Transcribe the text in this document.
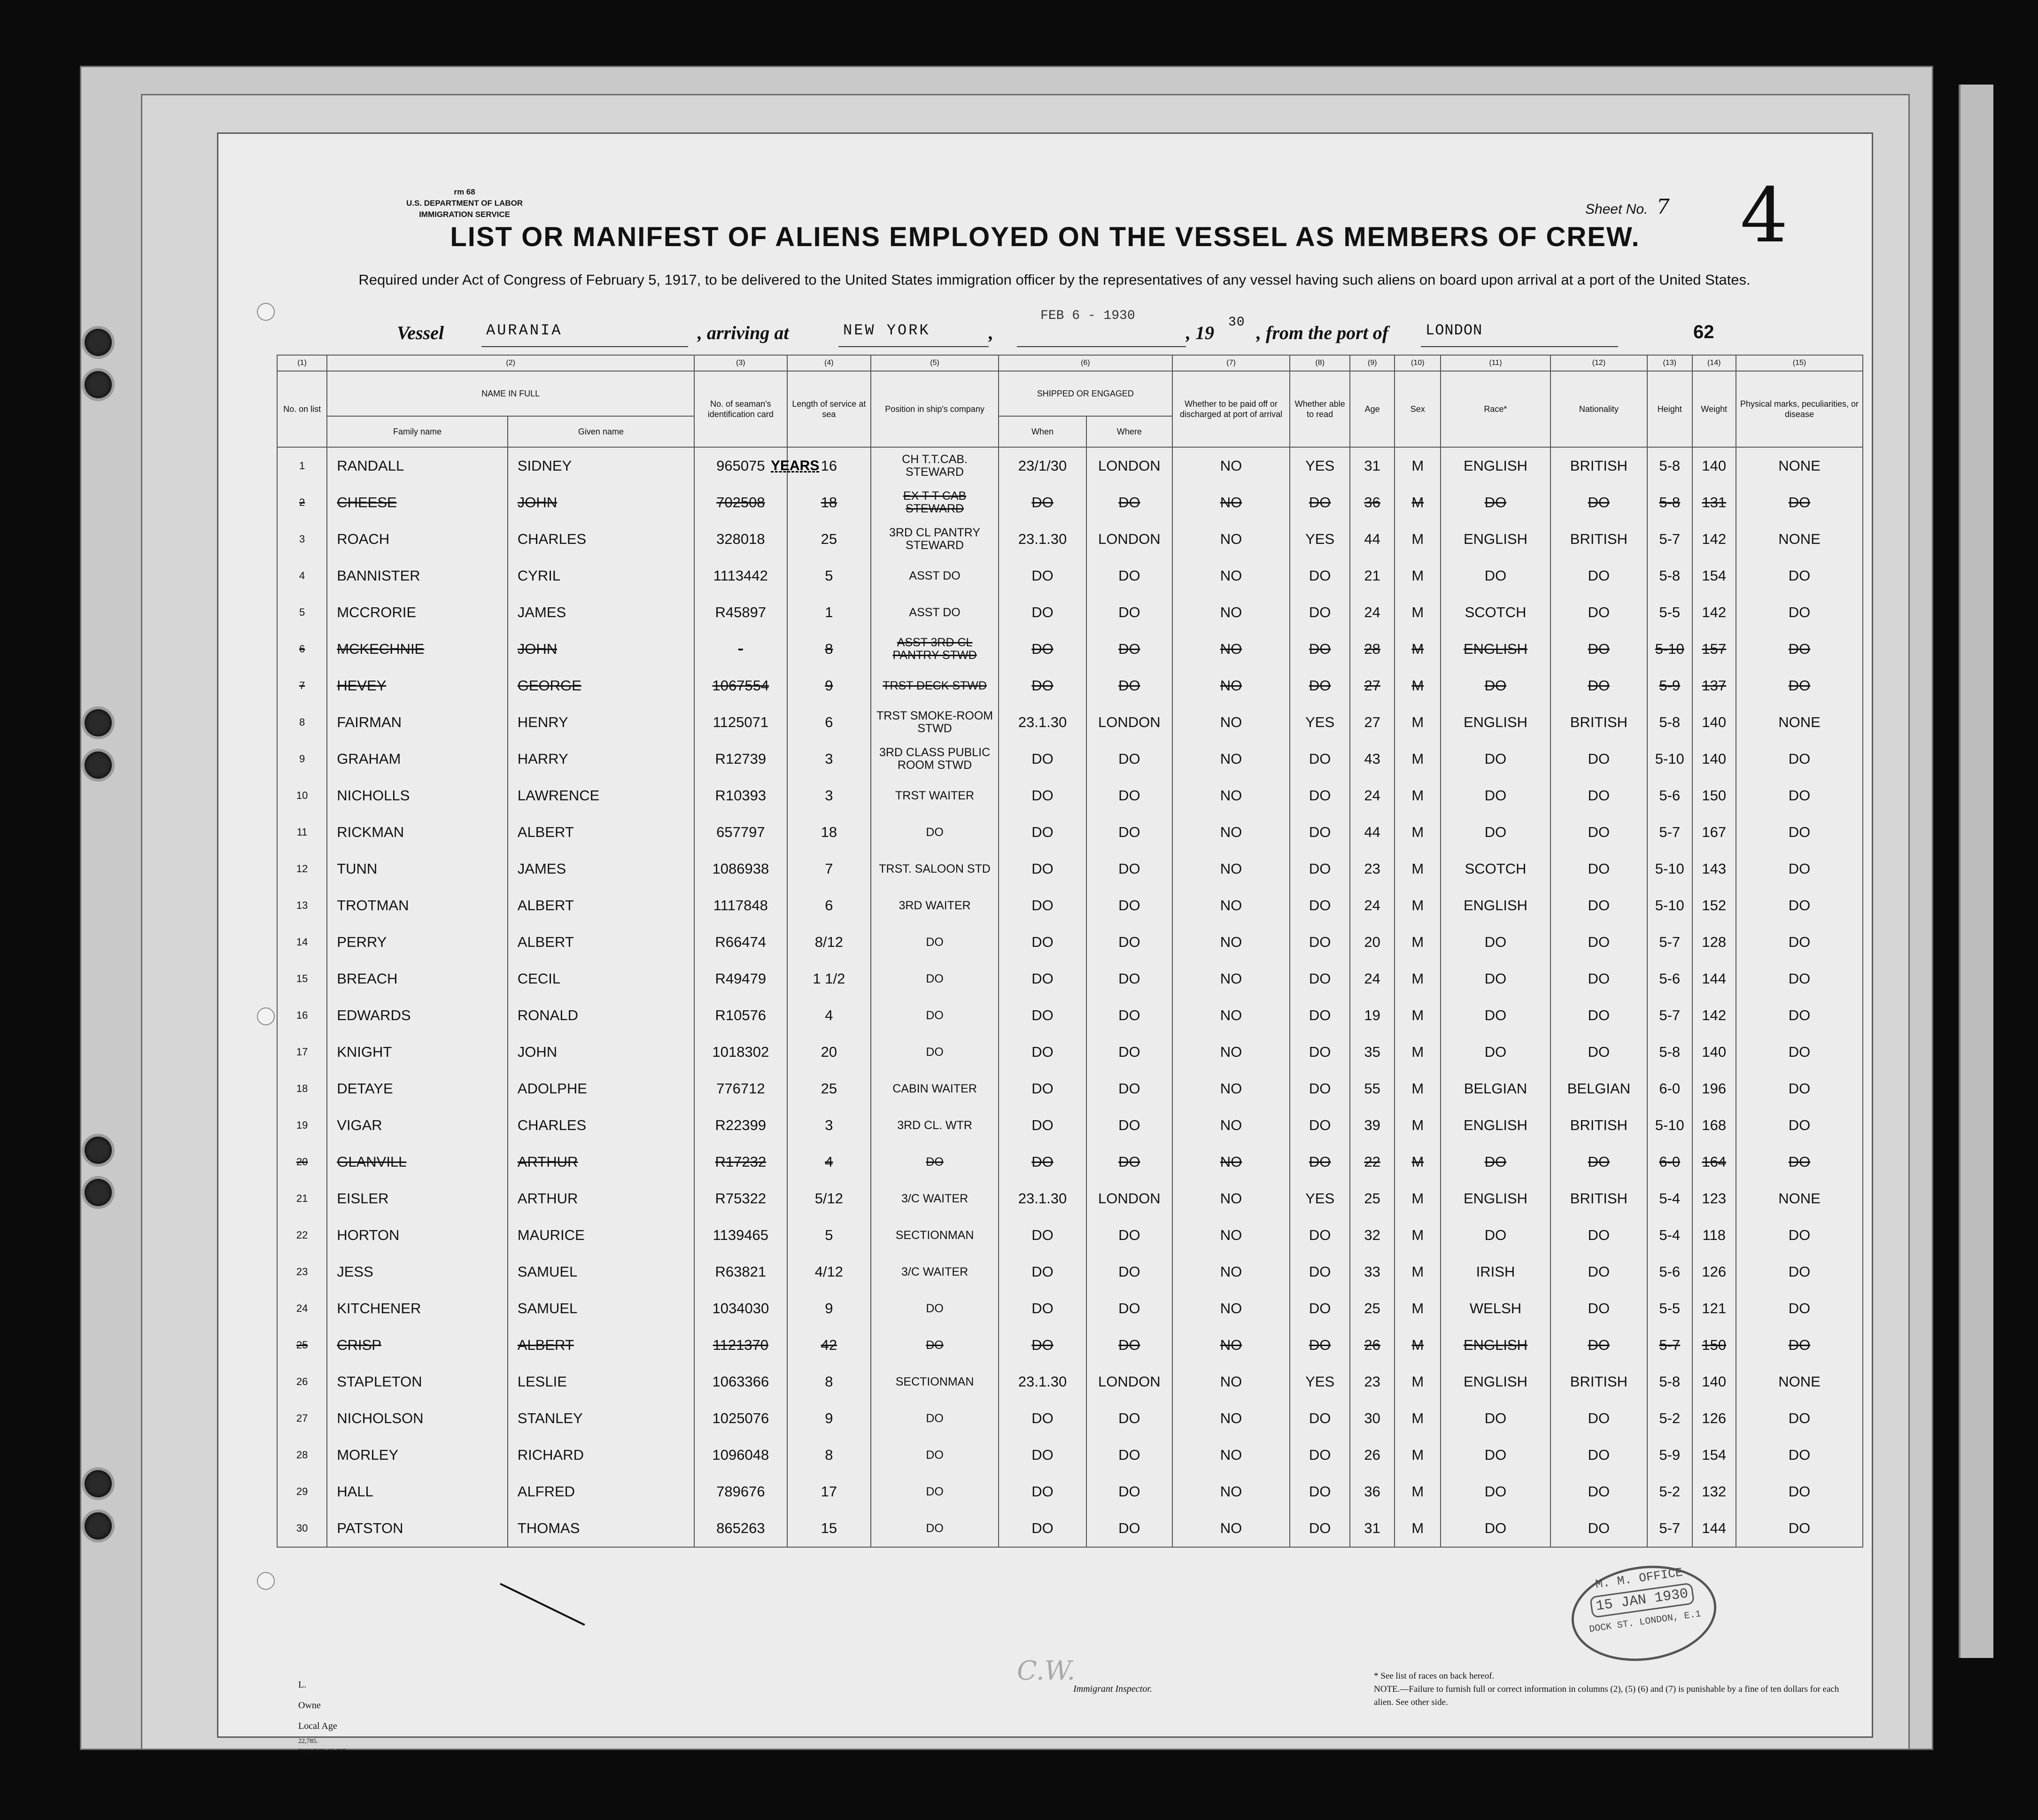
rm 68
U.S. DEPARTMENT OF LABOR
IMMIGRATION SERVICE	Sheet No. 7 4
LIST OR MANIFEST OF ALIENS EMPLOYED ON THE VESSEL AS MEMBERS OF CREW.
Required under Act of Congress of February 5, 1917, to be delivered to the United States immigration officer by the representatives of any vessel having such aliens on board upon arrival at a port of the United States.
Vessel	AURANIA	, arriving at	NEW YORK	,
FEB 6 - 1930
, 19 30 , from the port of LONDON	62
(1)	(2)		(3)	(4)	(5)	(6)		(7)	(8)	(9)	(10)	(11)	(12)	(13)	(14)	(15)
No. on list	NAME IN FULL		No. of seaman's identification card	Length of service at sea	Position in ship's company	SHIPPED OR ENGAGED		Whether to be paid off or discharged at port of arrival	Whether able to read	Age	Sex	Race*	Nationality	Height	Weight	Physical marks, peculiarities, or disease
	Family name	Given name				When	Where									
1	RANDALL	SIDNEY	965075	16	CH T.T.CAB. STEWARD	23/1/30	LONDON	NO	YES	31	M	ENGLISH	BRITISH	5-8	140	NONE
2	CHEESE	JOHN	702508	18	EX T T CAB STEWARD	DO	DO	NO	DO	36	M	DO	DO	5-8	131	DO
3	ROACH	CHARLES	328018	25	3RD CL PANTRY STEWARD	23.1.30	LONDON	NO	YES	44	M	ENGLISH	BRITISH	5-7	142	NONE
4	BANNISTER	CYRIL	1113442	5	ASST DO	DO	DO	NO	DO	21	M	DO	DO	5-8	154	DO
5	MCCRORIE	JAMES	R45897	1	ASST DO	DO	DO	NO	DO	24	M	SCOTCH	DO	5-5	142	DO
6	MCKECHNIE	JOHN	-	8	ASST 3RD CL PANTRY STWD	DO	DO	NO	DO	28	M	ENGLISH	DO	5-10	157	DO
7	HEVEY	GEORGE	1067554	9	TRST DECK STWD	DO	DO	NO	DO	27	M	DO	DO	5-9	137	DO
8	FAIRMAN	HENRY	1125071	6	TRST SMOKE-ROOM STWD	23.1.30	LONDON	NO	YES	27	M	ENGLISH	BRITISH	5-8	140	NONE
9	GRAHAM	HARRY	R12739	3	3RD CLASS PUBLIC ROOM STWD	DO	DO	NO	DO	43	M	DO	DO	5-10	140	DO
10	NICHOLLS	LAWRENCE	R10393	3	TRST WAITER	DO	DO	NO	DO	24	M	DO	DO	5-6	150	DO
11	RICKMAN	ALBERT	657797	18	DO	DO	DO	NO	DO	44	M	DO	DO	5-7	167	DO
12	TUNN	JAMES	1086938	7	TRST. SALOON STD	DO	DO	NO	DO	23	M	SCOTCH	DO	5-10	143	DO
13	TROTMAN	ALBERT	1117848	6	3RD WAITER	DO	DO	NO	DO	24	M	ENGLISH	DO	5-10	152	DO
14	PERRY	ALBERT	R66474	8/12	DO	DO	DO	NO	DO	20	M	DO	DO	5-7	128	DO
15	BREACH	CECIL	R49479	1 1/2	DO	DO	DO	NO	DO	24	M	DO	DO	5-6	144	DO
16	EDWARDS	RONALD	R10576	4	DO	DO	DO	NO	DO	19	M	DO	DO	5-7	142	DO
17	KNIGHT	JOHN	1018302	20	DO	DO	DO	NO	DO	35	M	DO	DO	5-8	140	DO
18	DETAYE	ADOLPHE	776712	25	CABIN WAITER	DO	DO	NO	DO	55	M	BELGIAN	BELGIAN	6-0	196	DO
19	VIGAR	CHARLES	R22399	3	3RD CL. WTR	DO	DO	NO	DO	39	M	ENGLISH	BRITISH	5-10	168	DO
20	GLANVILL	ARTHUR	R17232	4	DO	DO	DO	NO	DO	22	M	DO	DO	6-0	164	DO
21	EISLER	ARTHUR	R75322	5/12	3/C WAITER	23.1.30	LONDON	NO	YES	25	M	ENGLISH	BRITISH	5-4	123	NONE
22	HORTON	MAURICE	1139465	5	SECTIONMAN	DO	DO	NO	DO	32	M	DO	DO	5-4	118	DO
23	JESS	SAMUEL	R63821	4/12	3/C WAITER	DO	DO	NO	DO	33	M	IRISH	DO	5-6	126	DO
24	KITCHENER	SAMUEL	1034030	9	DO	DO	DO	NO	DO	25	M	WELSH	DO	5-5	121	DO
25	CRISP	ALBERT	1121370	42	DO	DO	DO	NO	DO	26	M	ENGLISH	DO	5-7	150	DO
26	STAPLETON	LESLIE	1063366	8	SECTIONMAN	23.1.30	LONDON	NO	YES	23	M	ENGLISH	BRITISH	5-8	140	NONE
27	NICHOLSON	STANLEY	1025076	9	DO	DO	DO	NO	DO	30	M	DO	DO	5-2	126	DO
28	MORLEY	RICHARD	1096048	8	DO	DO	DO	NO	DO	26	M	DO	DO	5-9	154	DO
29	HALL	ALFRED	789676	17	DO	DO	DO	NO	DO	36	M	DO	DO	5-2	132	DO
30	PATSTON	THOMAS	865263	15	DO	DO	DO	NO	DO	31	M	DO	DO	5-7	144	DO
YEARS
C.W.
Immigrant Inspector.
L.
Owne
Local Age
22,785.
$000 7/29. 22,785.
* See list of races on back hereof.
NOTE.—Failure to furnish full or correct information in columns (2), (5) (6) and (7) is punishable by a fine of ten dollars for each alien. See other side.
M. M. OFFICE
15 JAN 1930
DOCK ST. LONDON, E.1
